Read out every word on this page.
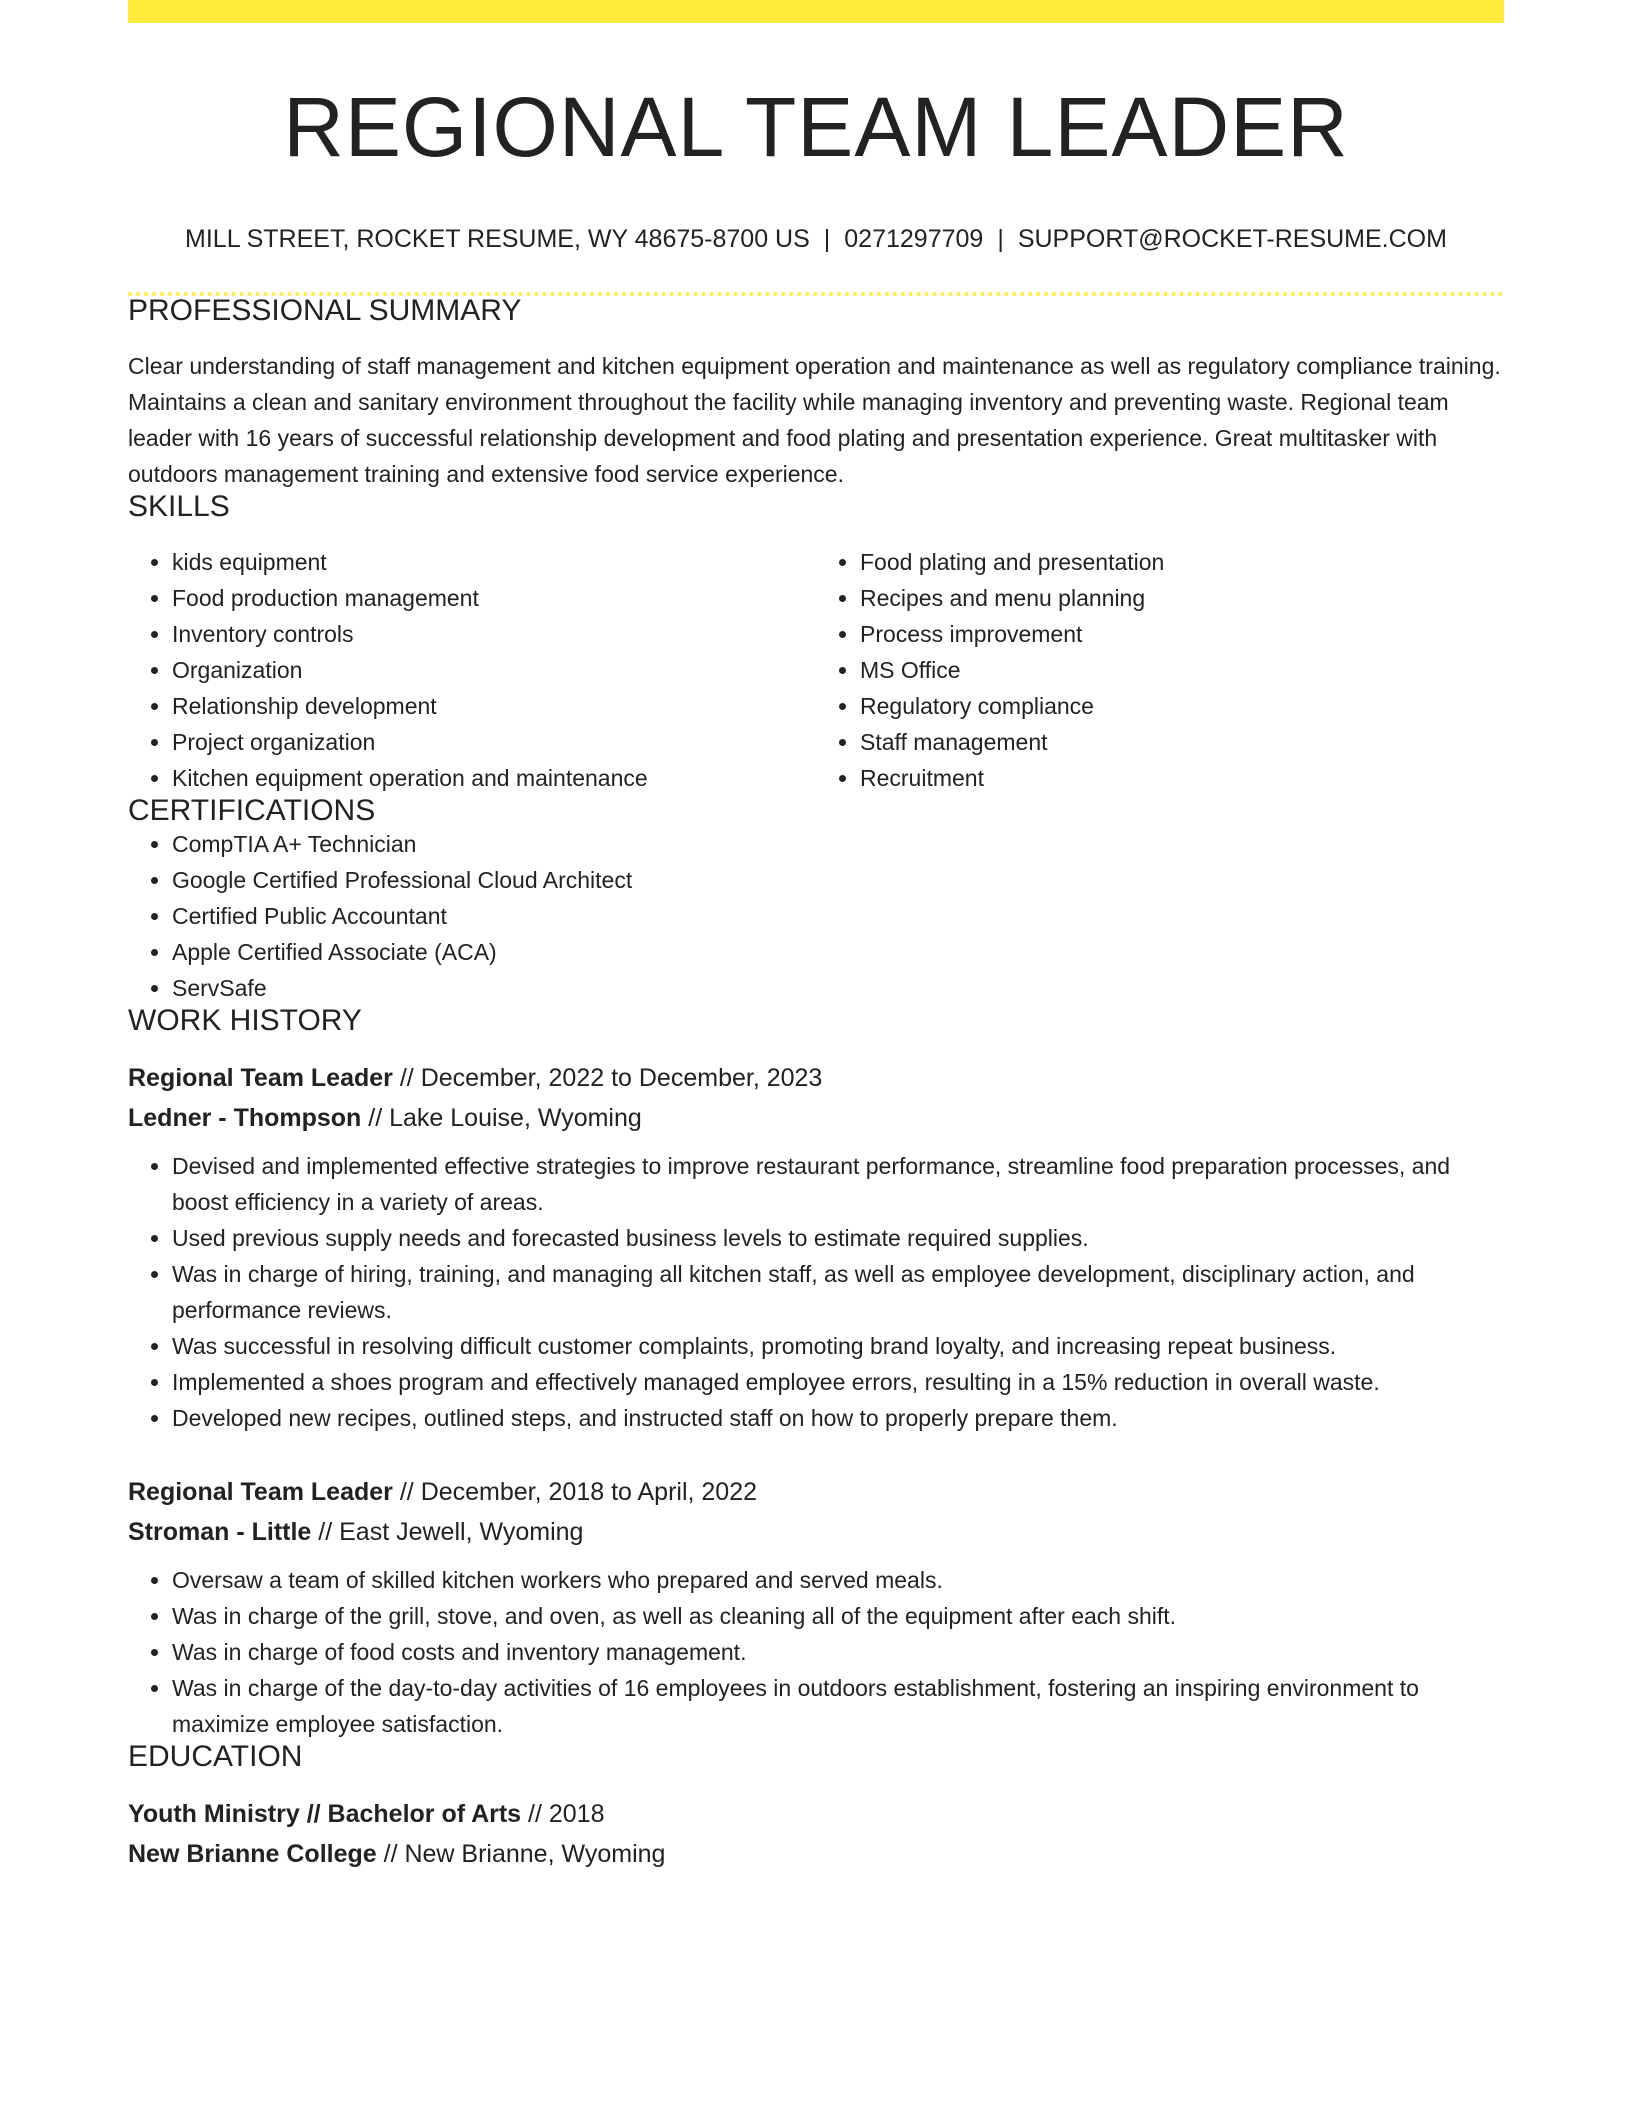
REGIONAL TEAM LEADER
MILL STREET, ROCKET RESUME, WY 48675-8700 US | 0271297709 | SUPPORT@ROCKET-RESUME.COM
PROFESSIONAL SUMMARY

Clear understanding of staff management and kitchen equipment operation and maintenance as well as regulatory compliance training. Maintains a clean and sanitary environment throughout the facility while managing inventory and preventing waste. Regional team leader with 16 years of successful relationship development and food plating and presentation experience. Great multitasker with outdoors management training and extensive food service experience.

SKILLS
• kids equipment
• Food production management
• Inventory controls
• Organization
• Relationship development
• Project organization
• Kitchen equipment operation and maintenance
• Food plating and presentation
• Recipes and menu planning
• Process improvement
• MS Office
• Regulatory compliance
• Staff management
• Recruitment
CERTIFICATIONS
• CompTIA A+ Technician
• Google Certified Professional Cloud Architect
• Certified Public Accountant
• Apple Certified Associate (ACA)
• ServSafe
WORK HISTORY
Regional Team Leader // December, 2022 to December, 2023
Ledner - Thompson // Lake Louise, Wyoming
• Devised and implemented effective strategies to improve restaurant performance, streamline food preparation processes, and boost efficiency in a variety of areas.
• Used previous supply needs and forecasted business levels to estimate required supplies.
• Was in charge of hiring, training, and managing all kitchen staff, as well as employee development, disciplinary action, and performance reviews.
• Was successful in resolving difficult customer complaints, promoting brand loyalty, and increasing repeat business.
• Implemented a shoes program and effectively managed employee errors, resulting in a 15% reduction in overall waste.
• Developed new recipes, outlined steps, and instructed staff on how to properly prepare them.
Regional Team Leader // December, 2018 to April, 2022
Stroman - Little // East Jewell, Wyoming
• Oversaw a team of skilled kitchen workers who prepared and served meals.
• Was in charge of the grill, stove, and oven, as well as cleaning all of the equipment after each shift.
• Was in charge of food costs and inventory management.
• Was in charge of the day-to-day activities of 16 employees in outdoors establishment, fostering an inspiring environment to maximize employee satisfaction.
EDUCATION
Youth Ministry // Bachelor of Arts // 2018
New Brianne College // New Brianne, Wyoming
